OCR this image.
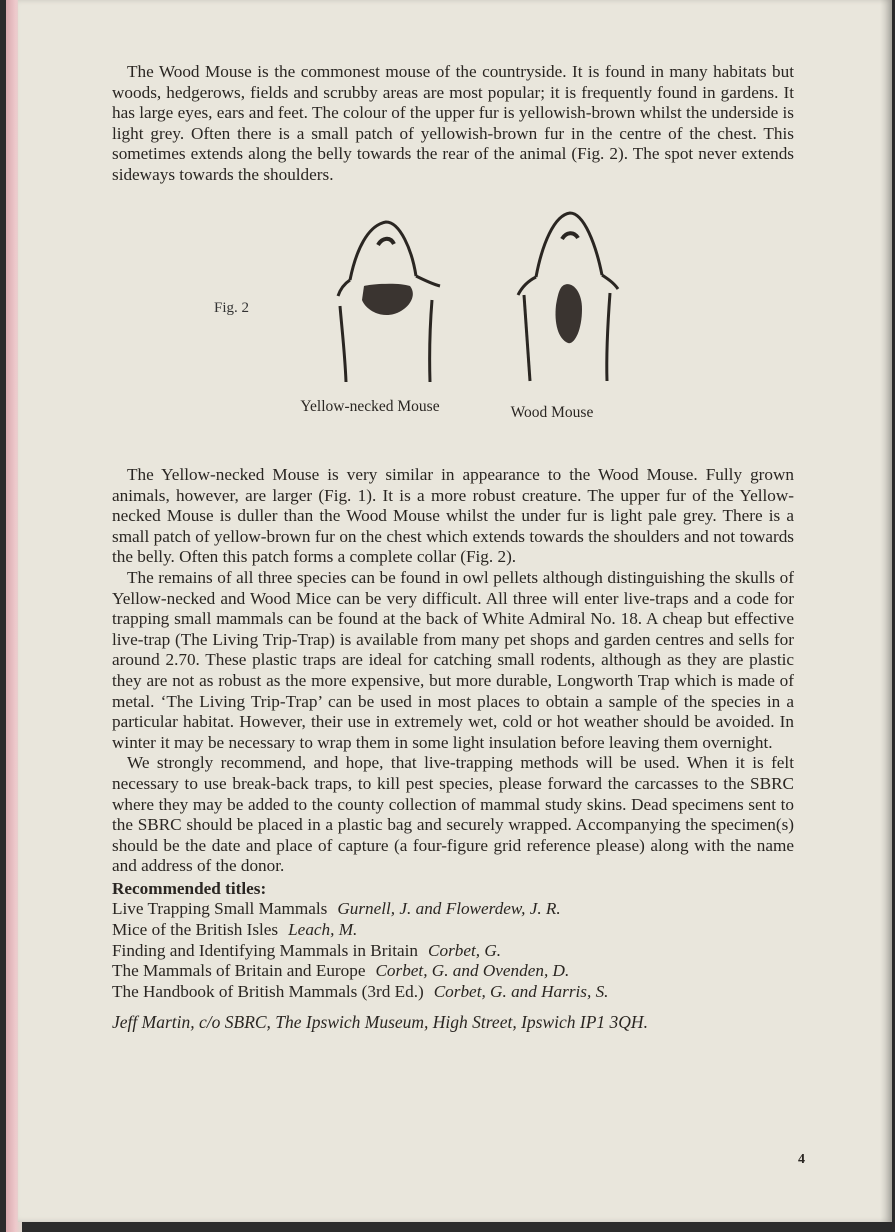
The Wood Mouse is the commonest mouse of the countryside. It is found in many habitats but woods, hedgerows, fields and scrubby areas are most popular; it is frequently found in gardens. It has large eyes, ears and feet. The colour of the upper fur is yellowish-brown whilst the underside is light grey. Often there is a small patch of yellowish-brown fur in the centre of the chest. This sometimes extends along the belly towards the rear of the animal (Fig. 2). The spot never extends sideways towards the shoulders.
Fig. 2
Yellow-necked Mouse	Wood Mouse

The Yellow-necked Mouse is very similar in appearance to the Wood Mouse. Fully grown animals, however, are larger (Fig. 1). It is a more robust creature. The upper fur of the Yellow-necked Mouse is duller than the Wood Mouse whilst the under fur is light pale grey. There is a small patch of yellow-brown fur on the chest which extends towards the shoulders and not towards the belly. Often this patch forms a complete collar (Fig. 2).

The remains of all three species can be found in owl pellets although distinguishing the skulls of Yellow-necked and Wood Mice can be very difficult. All three will enter live-traps and a code for trapping small mammals can be found at the back of White Admiral No. 18. A cheap but effective live-trap (The Living Trip-Trap) is available from many pet shops and garden centres and sells for around 2.70. These plastic traps are ideal for catching small rodents, although as they are plastic they are not as robust as the more expensive, but more durable, Longworth Trap which is made of metal. ‘The Living Trip-Trap’ can be used in most places to obtain a sample of the species in a particular habitat. However, their use in extremely wet, cold or hot weather should be avoided. In winter it may be necessary to wrap them in some light insulation before leaving them overnight.

We strongly recommend, and hope, that live-trapping methods will be used. When it is felt necessary to use break-back traps, to kill pest species, please forward the carcasses to the SBRC where they may be added to the county collection of mammal study skins. Dead specimens sent to the SBRC should be placed in a plastic bag and securely wrapped. Accompanying the specimen(s) should be the date and place of capture (a four-figure grid reference please) along with the name and address of the donor.

Recommended titles:
Live Trapping Small Mammals Gurnell, J. and Flowerdew, J. R.
Mice of the British Isles Leach, M.
Finding and Identifying Mammals in Britain Corbet, G.
The Mammals of Britain and Europe Corbet, G. and Ovenden, D.
The Handbook of British Mammals (3rd Ed.) Corbet, G. and Harris, S.
Jeff Martin, c/o SBRC, The Ipswich Museum, High Street, Ipswich IP1 3QH.
4
